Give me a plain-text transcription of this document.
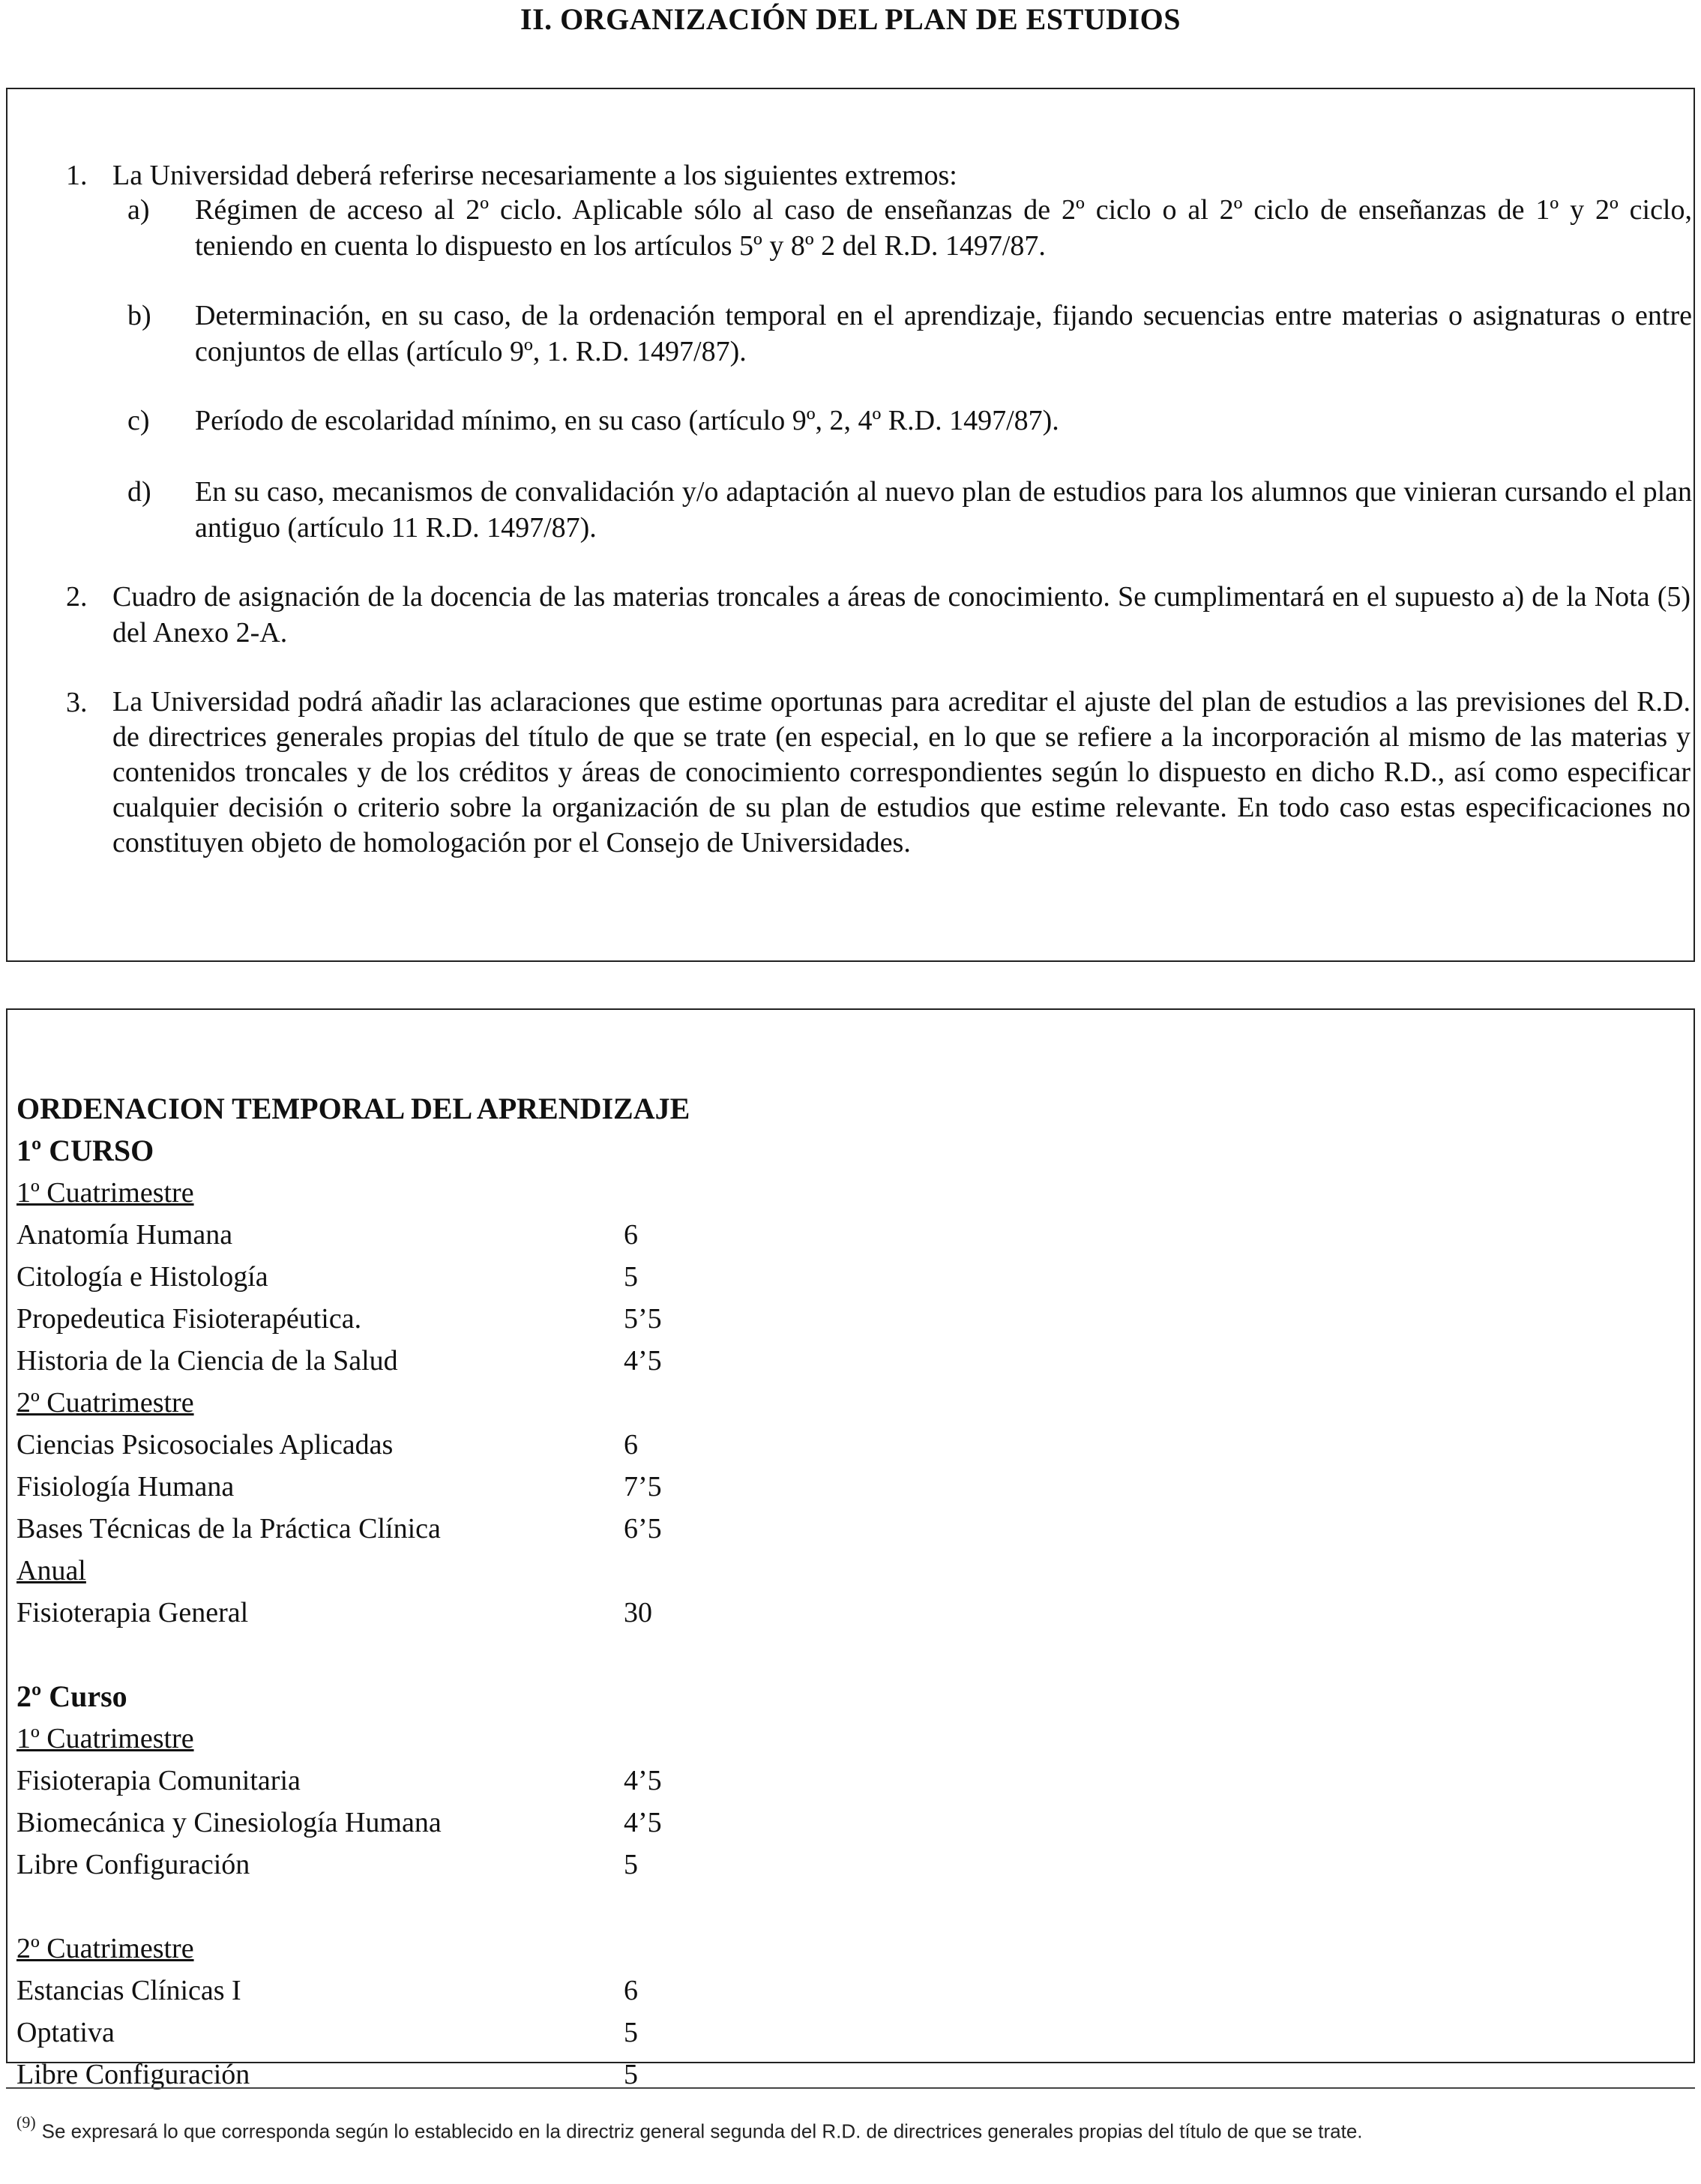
II. ORGANIZACIÓN DEL PLAN DE ESTUDIOS
1. La Universidad deberá referirse necesariamente a los siguientes extremos:
a) Régimen de acceso al 2º ciclo. Aplicable sólo al caso de enseñanzas de 2º ciclo o al 2º ciclo de enseñanzas de 1º y 2º ciclo, teniendo en cuenta lo dispuesto en los artículos 5º y 8º 2 del R.D. 1497/87.
b) Determinación, en su caso, de la ordenación temporal en el aprendizaje, fijando secuencias entre materias o asignaturas o entre conjuntos de ellas (artículo 9º, 1. R.D. 1497/87).
c) Período de escolaridad mínimo, en su caso (artículo 9º, 2, 4º R.D. 1497/87).
d) En su caso, mecanismos de convalidación y/o adaptación al nuevo plan de estudios para los alumnos que vinieran cursando el plan antiguo (artículo 11 R.D. 1497/87).
2. Cuadro de asignación de la docencia de las materias troncales a áreas de conocimiento. Se cumplimentará en el supuesto a) de la Nota (5) del Anexo 2-A.
3. La Universidad podrá añadir las aclaraciones que estime oportunas para acreditar el ajuste del plan de estudios a las previsiones del R.D. de directrices generales propias del título de que se trate (en especial, en lo que se refiere a la incorporación al mismo de las materias y contenidos troncales y de los créditos y áreas de conocimiento correspondientes según lo dispuesto en dicho R.D., así como especificar cualquier decisión o criterio sobre la organización de su plan de estudios que estime relevante. En todo caso estas especificaciones no constituyen objeto de homologación por el Consejo de Universidades.
ORDENACION TEMPORAL DEL APRENDIZAJE
1º CURSO
1º Cuatrimestre
Anatomía Humana	6
Citología e Histología	5
Propedeutica Fisioterapéutica.	5’5
Historia de la Ciencia de la Salud	4’5
2º Cuatrimestre
Ciencias Psicosociales Aplicadas	6
Fisiología Humana	7’5
Bases Técnicas de la Práctica Clínica	6’5
Anual
Fisioterapia General	30
2º Curso
1º Cuatrimestre
Fisioterapia Comunitaria	4’5
Biomecánica y Cinesiología Humana	4’5
Libre Configuración	5
2º Cuatrimestre
Estancias Clínicas I	6
Optativa	5
Libre Configuración	5
$^{(9)}$ Se expresará lo que corresponda según lo establecido en la directriz general segunda del R.D. de directrices generales propias del título de que se trate.
